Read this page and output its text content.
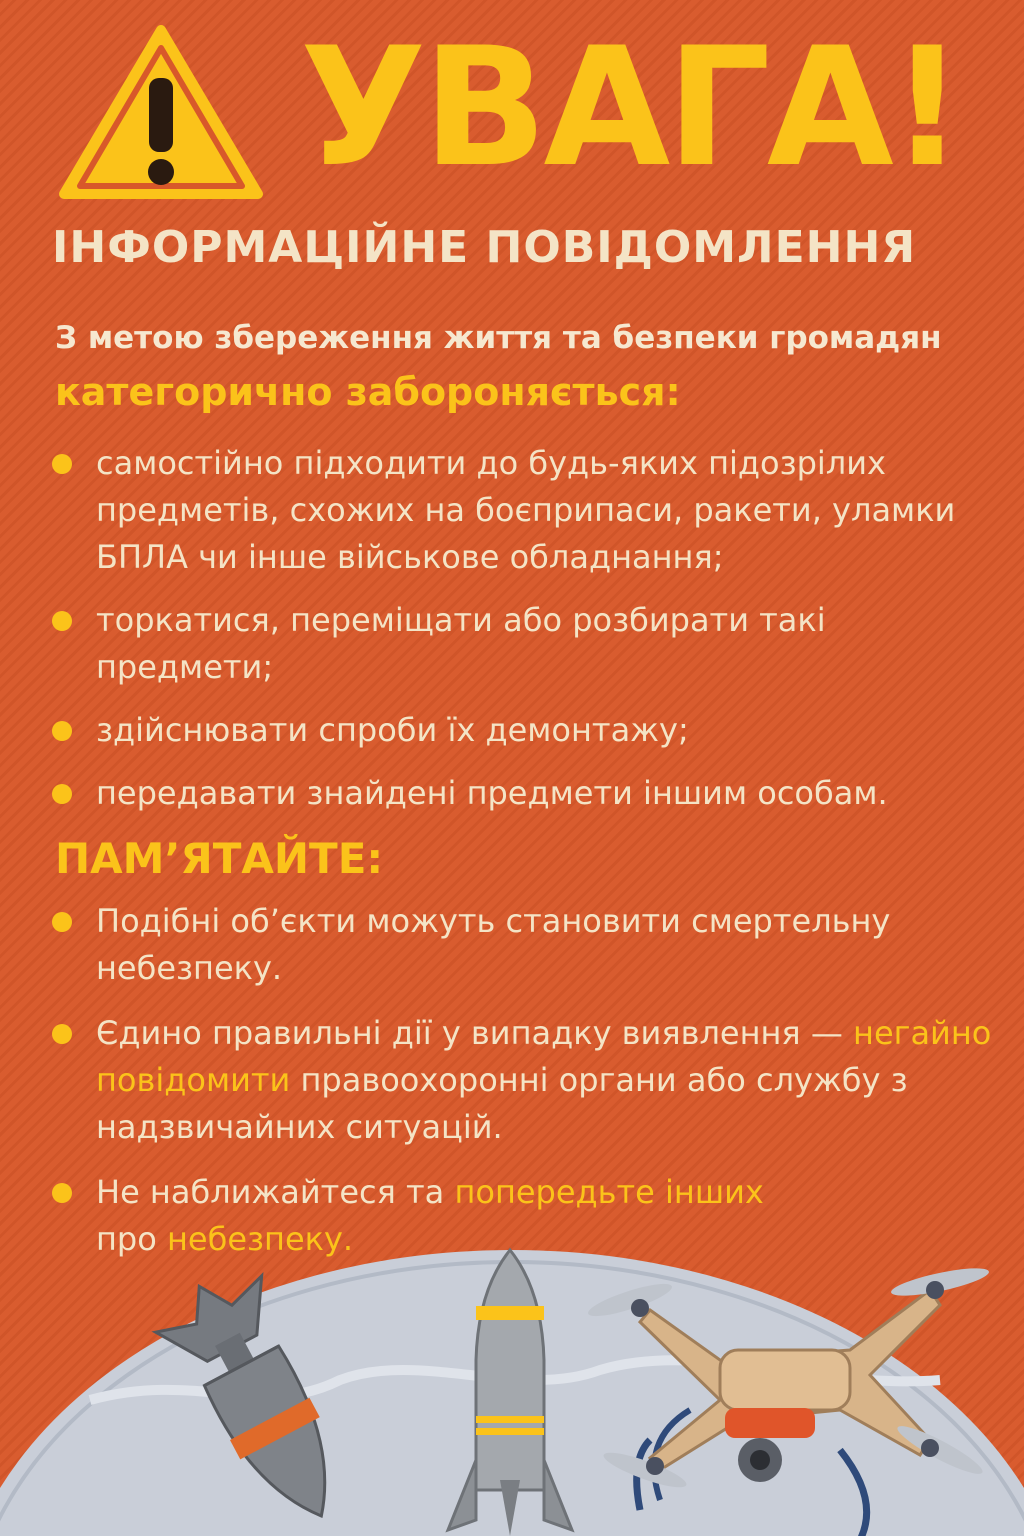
УВАГА!
ІНФОРМАЦІЙНЕ ПОВІДОМЛЕННЯ
З метою збереження життя та безпеки громадян
категорично забороняється:
самостійно підходити до будь-яких підозрілих предметів, схожих на боєприпаси, ракети, уламки БПЛА чи інше військове обладнання;
торкатися, переміщати або розбирати такі предмети;
здійснювати спроби їх демонтажу;
передавати знайдені предмети іншим особам.
ПАМ’ЯТАЙТЕ:
Подібні об’єкти можуть становити смертельну небезпеку.
Єдино правильні дії у випадку виявлення — негайно повідомити правоохоронні органи або службу з надзвичайних ситуацій.
Не наближайтеся та попередьте інших
про небезпеку.
